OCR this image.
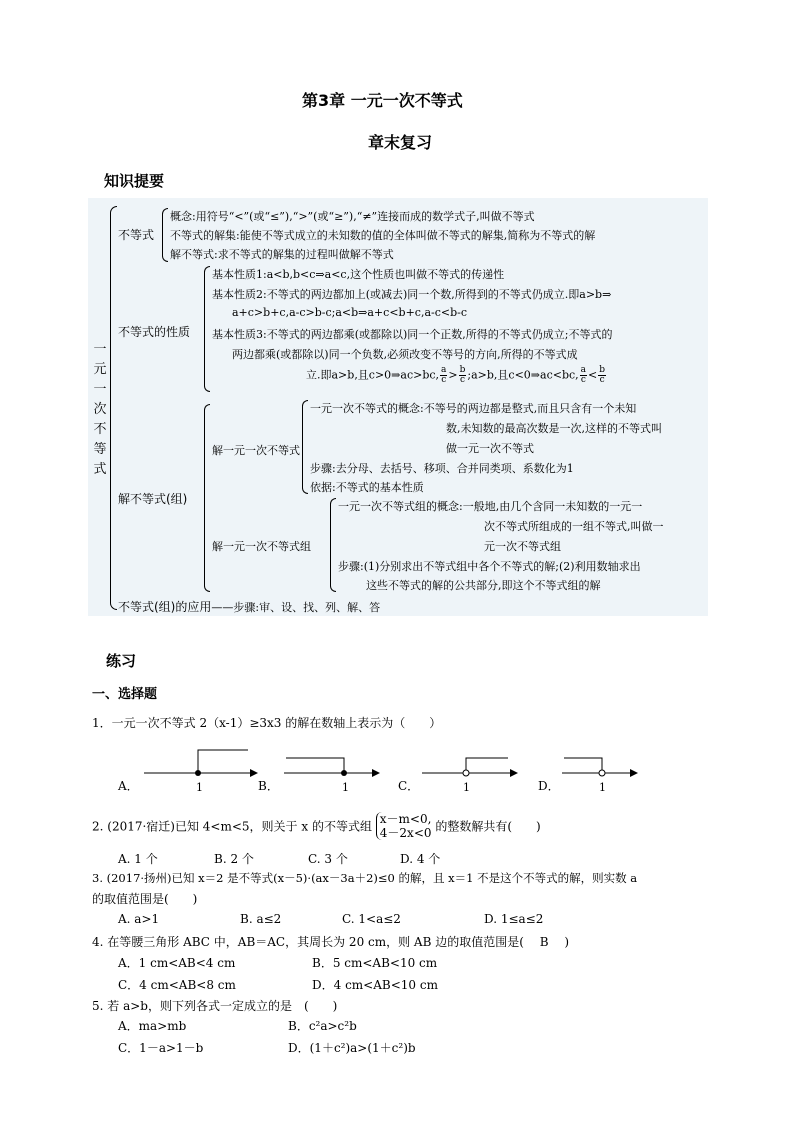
第3章 一元一次不等式
章末复习
知识提要
一
元
一
次
不
等
式
不等式
概念:用符号“<”(或“≤”),“>”(或“≥”),“≠”连接而成的数学式子,叫做不等式
不等式的解集:能使不等式成立的未知数的值的全体叫做不等式的解集,简称为不等式的解
解不等式:求不等式的解集的过程叫做解不等式
不等式的性质
基本性质1:a<b,b<c⇒a<c,这个性质也叫做不等式的传递性
基本性质2:不等式的两边都加上(或减去)同一个数,所得到的不等式仍成立.即a>b⇒
a+c>b+c,a-c>b-c;a<b⇒a+c<b+c,a-c<b-c
基本性质3:不等式的两边都乘(或都除以)同一个正数,所得的不等式仍成立;不等式的
两边都乘(或都除以)同一个负数,必须改变不等号的方向,所得的不等式成
立.即a>b,且c>0⇒ac>bc, $\frac{a}{c} > \frac{b}{c}$ ;a>b,且c<0⇒ac<bc, $\frac{a}{c} < \frac{b}{c}$
解不等式(组)
解一元一次不等式
一元一次不等式的概念:不等号的两边都是整式,而且只含有一个未知
数,未知数的最高次数是一次,这样的不等式叫
做一元一次不等式
步骤:去分母、去括号、移项、合并同类项、系数化为1
依据:不等式的基本性质
解一元一次不等式组
一元一次不等式组的概念:一般地,由几个含同一未知数的一元一
次不等式所组成的一组不等式,叫做一
元一次不等式组
步骤:(1)分别求出不等式组中各个不等式的解;(2)利用数轴求出
这些不等式的解的公共部分,即这个不等式组的解
不等式(组)的应用——步骤:审、设、找、列、解、答
练习
一、选择题
1．一元一次不等式 2（x-1）≥3x3 的解在数轴上表示为（　　）
A．	1	B．	1	C．	1	D．	1
2. (2017·宿迁)已知 4<m<5，则关于 x 的不等式组
x－m<0,
4－2x<0 的整数解共有(　　)
A. 1 个	B. 2 个	C. 3 个	D. 4 个
3. (2017·扬州)已知 x＝2 是不等式(x－5)·(ax－3a＋2)≤0 的解，且 x＝1 不是这个不等式的解，则实数 a
的取值范围是(　　)
A. a>1	B. a≤2	C. 1<a≤2	D. 1≤a≤2
4. 在等腰三角形 ABC 中，AB＝AC，其周长为 20 cm，则 AB 边的取值范围是(　 B　 )
A．1 cm<AB<4 cm	B．5 cm<AB<10 cm
C．4 cm<AB<8 cm	D．4 cm<AB<10 cm
5. 若 a>b，则下列各式一定成立的是　(　　)
A．ma>mb	B．c²a>c²b
C．1－a>1－b	D．(1＋c²)a>(1＋c²)b
